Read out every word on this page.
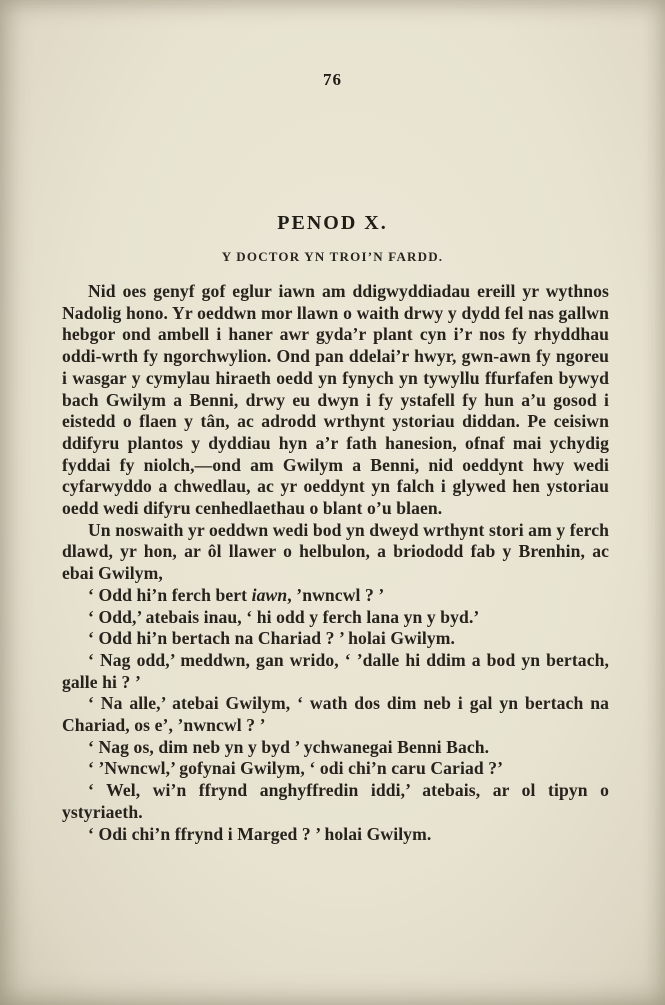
76
PENOD X.
Y DOCTOR YN TROI’N FARDD.

Nid oes genyf gof eglur iawn am ddigwyddiadau ereill yr wythnos Nadolig hono. Yr oeddwn mor llawn o waith drwy y dydd fel nas gallwn hebgor ond ambell i haner awr gyda’r plant cyn i’r nos fy rhyddhau oddi-wrth fy ngorchwylion. Ond pan ddelai’r hwyr, gwn-awn fy ngoreu i wasgar y cymylau hiraeth oedd yn fynych yn tywyllu ffurfafen bywyd bach Gwilym a Benni, drwy eu dwyn i fy ystafell fy hun a’u gosod i eistedd o flaen y tân, ac adrodd wrthynt ystoriau diddan. Pe ceisiwn ddifyru plantos y dyddiau hyn a’r fath hanesion, ofnaf mai ychydig fyddai fy niolch,—ond am Gwilym a Benni, nid oeddynt hwy wedi cyfarwyddo a chwedlau, ac yr oeddynt yn falch i glywed hen ystoriau oedd wedi difyru cenhedlaethau o blant o’u blaen.

Un noswaith yr oeddwn wedi bod yn dweyd wrthynt stori am y ferch dlawd, yr hon, ar ôl llawer o helbulon, a briododd fab y Brenhin, ac ebai Gwilym,

‘ Odd hi’n ferch bert iawn, ’nwncwl ? ’

‘ Odd,’ atebais inau, ‘ hi odd y ferch lana yn y byd.’

‘ Odd hi’n bertach na Chariad ? ’ holai Gwilym.

‘ Nag odd,’ meddwn, gan wrido, ‘ ’dalle hi ddim a bod yn bertach, galle hi ? ’

‘ Na alle,’ atebai Gwilym, ‘ wath dos dim neb i gal yn bertach na Chariad, os e’, ’nwncwl ? ’

‘ Nag os, dim neb yn y byd ’ ychwanegai Benni Bach.

‘ ’Nwncwl,’ gofynai Gwilym, ‘ odi chi’n caru Cariad ?’

‘ Wel, wi’n ffrynd anghyffredin iddi,’ atebais, ar ol tipyn o ystyriaeth.

‘ Odi chi’n ffrynd i Marged ? ’ holai Gwilym.
